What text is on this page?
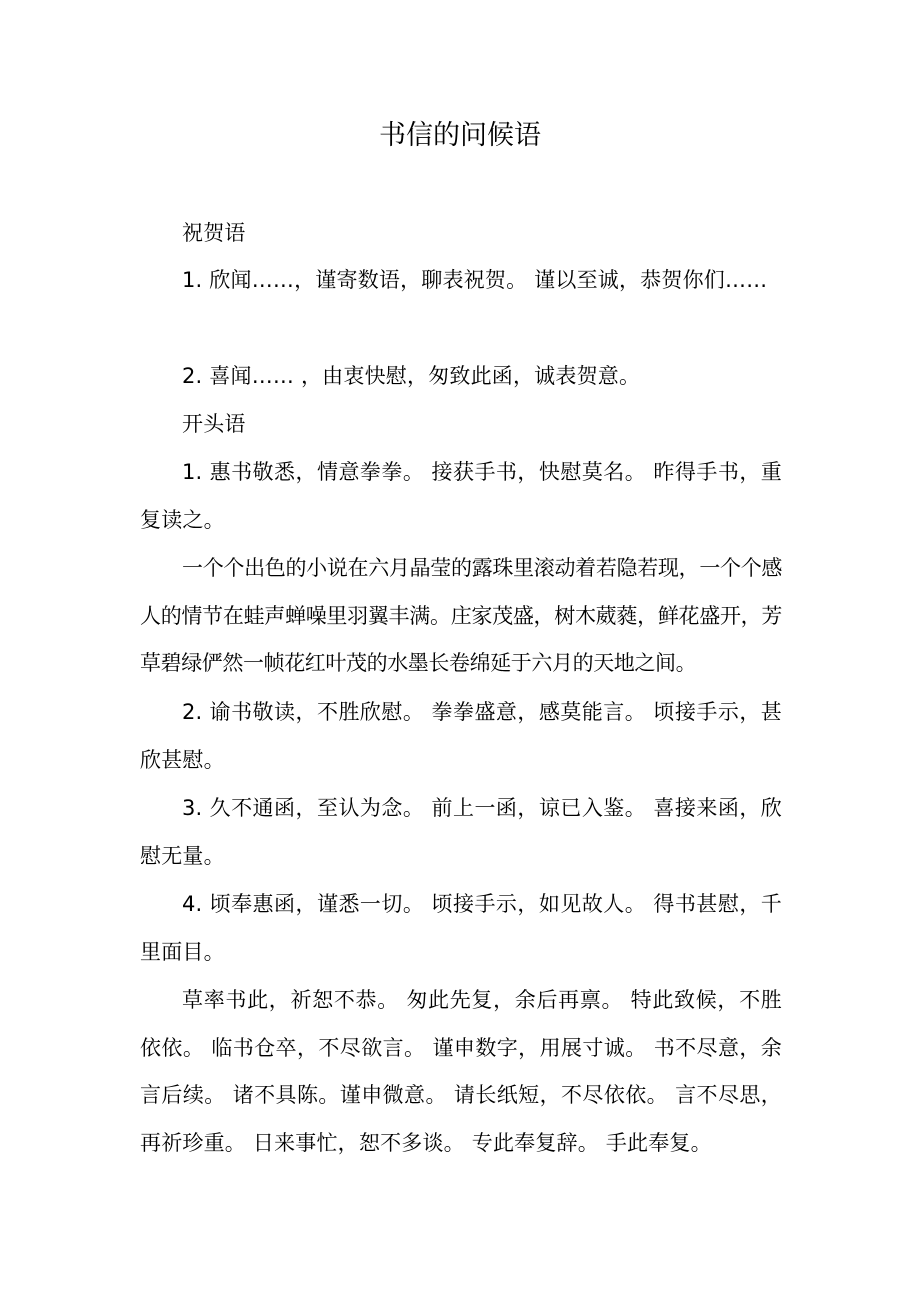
书信的问候语

祝贺语

1. 欣闻……，谨寄数语，聊表祝贺。 谨以至诚，恭贺你们……

2. 喜闻…… ，由衷快慰，匆致此函，诚表贺意。

开头语

1. 惠书敬悉，情意拳拳。 接获手书，快慰莫名。 昨得手书，重复读之。

一个个出色的小说在六月晶莹的露珠里滚动着若隐若现，一个个感人的情节在蛙声蝉噪里羽翼丰满。庄家茂盛，树木葳蕤，鲜花盛开，芳草碧绿俨然一帧花红叶茂的水墨长卷绵延于六月的天地之间。

2. 谕书敬读，不胜欣慰。 拳拳盛意，感莫能言。 顷接手示，甚欣甚慰。

3. 久不通函，至认为念。 前上一函，谅已入鉴。 喜接来函，欣慰无量。

4. 顷奉惠函，谨悉一切。 顷接手示，如见故人。 得书甚慰，千里面目。

草率书此，祈恕不恭。 匆此先复，余后再禀。 特此致候，不胜依依。 临书仓卒，不尽欲言。 谨申数字，用展寸诚。 书不尽意，余言后续。 诸不具陈。谨申微意。 请长纸短，不尽依依。 言不尽思，再祈珍重。 日来事忙，恕不多谈。 专此奉复辞。 手此奉复。
